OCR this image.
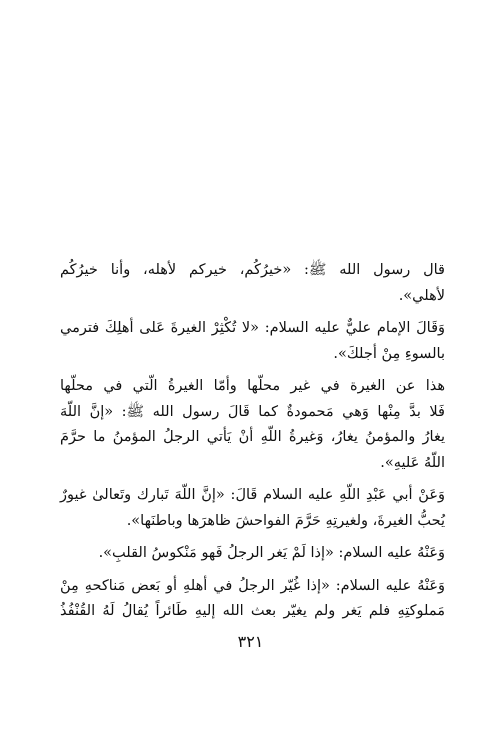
قال رسول الله ﷺ: «خيرُكُم، خيركم لأهله، وأنا خيرُكُم
لأهلي».
وَقَالَ الإمام عليٌّ عليه السلام: «لا تُكْثِرْ الغيرةَ عَلى أهلِكَ فترمي
بالسوءِ مِنْ أجلكَ».
هذا عن الغيرة في غير محلّها وأمّا الغيرةُ الّتي في محلّها
فَلا بدَّ مِنْها وَهي مَحمودةٌ كما قَالَ رسول الله ﷺ: «إنَّ اللّهَ
يغارُ والمؤمنُ يغارُ، وَغيرةُ اللّهِ أنْ يَأتي الرجلُ المؤمنُ ما حرَّمَ
اللّهُ عَليهِ».
وَعَنْ أبي عَبْدِ اللّهِ عليه السلام قَالَ: «إنَّ اللّهَ تَبارك وتَعالىٰ غيورٌ
يُحبُّ الغيرةَ، ولغيرتِهِ حَرَّمَ الفواحشَ ظاهرَها وباطنَها».
وَعَنْهُ عليه السلام: «إذا لَمْ يَغر الرجلُ فَهو مَنْكوسُ القلبِ».
وَعَنْهُ عليه السلام: «إذا غُيّر الرجلُ في أهلهِ أو بَعض مَناكحهِ مِنْ
مَملوكتِهِ فلم يَغر ولم يغيّر بعث الله إليهِ طَائراً يُقالُ لَهُ القُنْفُذُ
٣٢١
